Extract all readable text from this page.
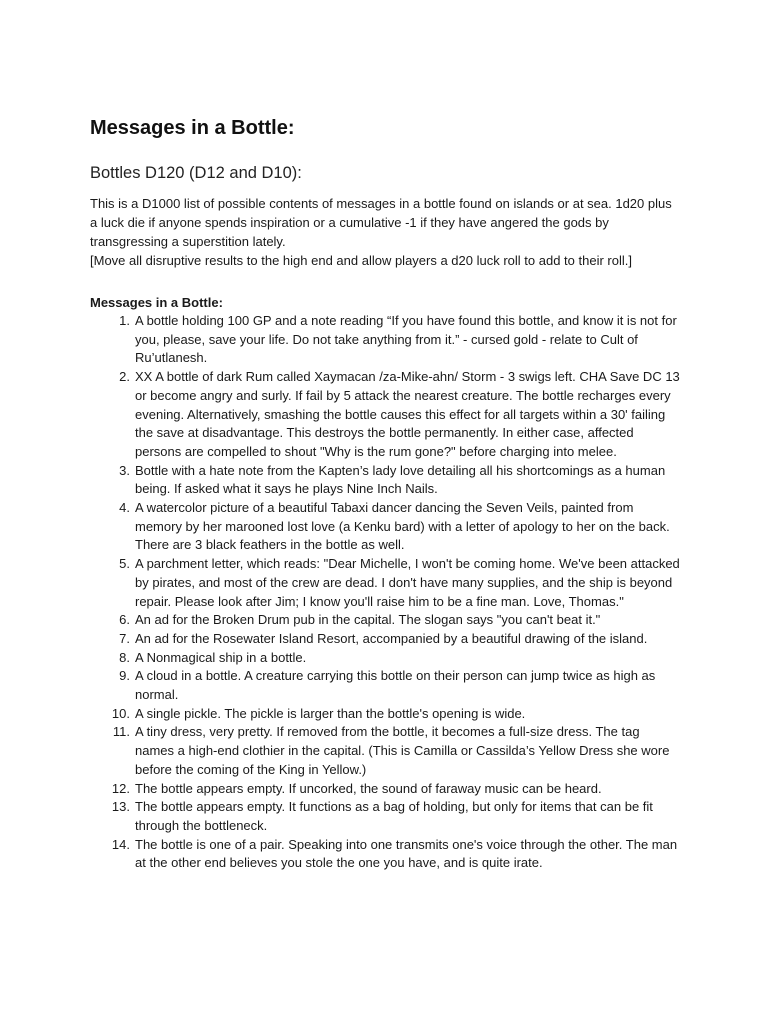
Messages in a Bottle:
Bottles D120 (D12 and D10):

This is a D1000 list of possible contents of messages in a bottle found on islands or at sea. 1d20 plus a luck die if anyone spends inspiration or a cumulative -1 if they have angered the gods by transgressing a superstition lately.

[Move all disruptive results to the high end and allow players a d20 luck roll to add to their roll.]

Messages in a Bottle:
1. A bottle holding 100 GP and a note reading “If you have found this bottle, and know it is not for you, please, save your life. Do not take anything from it.” - cursed gold - relate to Cult of Ru’utlanesh.
2. XX A bottle of dark Rum called Xaymacan /za-Mike-ahn/ Storm - 3 swigs left. CHA Save DC 13 or become angry and surly. If fail by 5 attack the nearest creature. The bottle recharges every evening. Alternatively, smashing the bottle causes this effect for all targets within a 30' failing the save at disadvantage. This destroys the bottle permanently. In either case, affected persons are compelled to shout "Why is the rum gone?" before charging into melee.
3. Bottle with a hate note from the Kapten’s lady love detailing all his shortcomings as a human being. If asked what it says he plays Nine Inch Nails.
4. A watercolor picture of a beautiful Tabaxi dancer dancing the Seven Veils, painted from memory by her marooned lost love (a Kenku bard) with a letter of apology to her on the back. There are 3 black feathers in the bottle as well.
5. A parchment letter, which reads: "Dear Michelle, I won't be coming home. We've been attacked by pirates, and most of the crew are dead. I don't have many supplies, and the ship is beyond repair. Please look after Jim; I know you'll raise him to be a fine man. Love, Thomas."
6. An ad for the Broken Drum pub in the capital. The slogan says "you can't beat it."
7. An ad for the Rosewater Island Resort, accompanied by a beautiful drawing of the island.
8. A Nonmagical ship in a bottle.
9. A cloud in a bottle. A creature carrying this bottle on their person can jump twice as high as normal.
10. A single pickle. The pickle is larger than the bottle's opening is wide.
11. A tiny dress, very pretty. If removed from the bottle, it becomes a full-size dress. The tag names a high-end clothier in the capital. (This is Camilla or Cassilda’s Yellow Dress she wore before the coming of the King in Yellow.)
12. The bottle appears empty. If uncorked, the sound of faraway music can be heard.
13. The bottle appears empty. It functions as a bag of holding, but only for items that can be fit through the bottleneck.
14. The bottle is one of a pair. Speaking into one transmits one's voice through the other. The man at the other end believes you stole the one you have, and is quite irate.
